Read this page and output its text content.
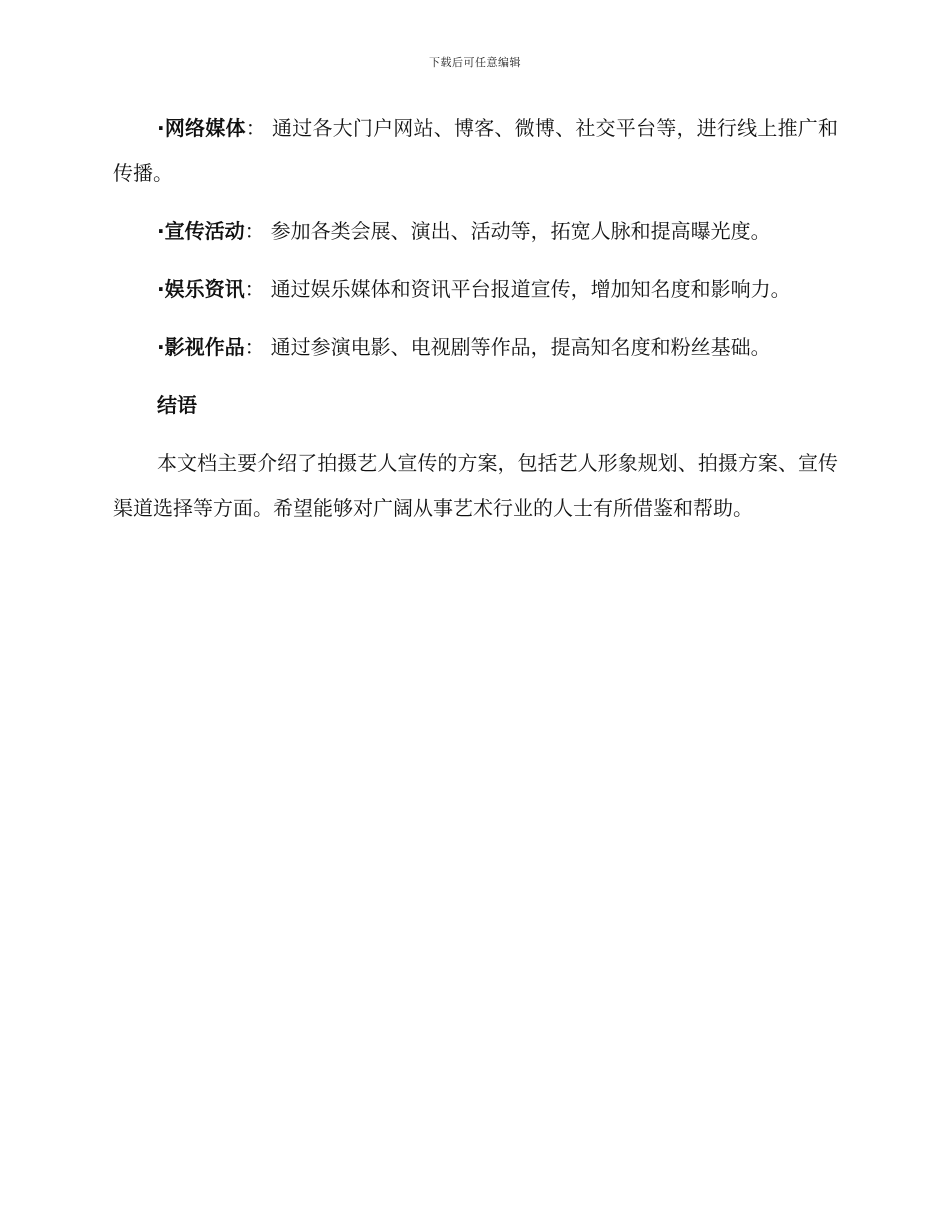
下载后可任意编辑

·网络媒体： 通过各大门户网站、博客、微博、社交平台等，进行线上推广和传播。

·宣传活动： 参加各类会展、演出、活动等，拓宽人脉和提高曝光度。

·娱乐资讯： 通过娱乐媒体和资讯平台报道宣传，增加知名度和影响力。

·影视作品： 通过参演电影、电视剧等作品，提高知名度和粉丝基础。

结语

本文档主要介绍了拍摄艺人宣传的方案，包括艺人形象规划、拍摄方案、宣传渠道选择等方面。希望能够对广阔从事艺术行业的人士有所借鉴和帮助。
